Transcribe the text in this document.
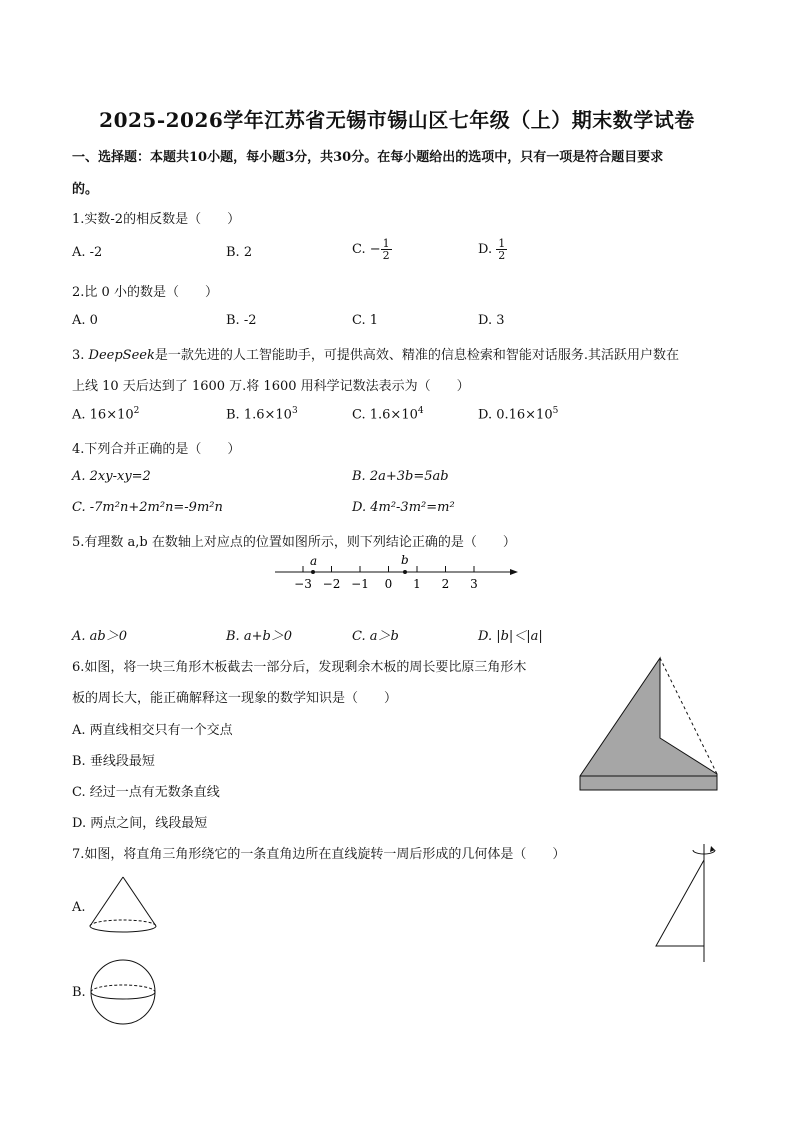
2025-2026学年江苏省无锡市锡山区七年级（上）期末数学试卷
一、选择题：本题共10小题，每小题3分，共30分。在每小题给出的选项中，只有一项是符合题目要求
的。
1.实数-2的相反数是（　　）
A. -2	B. 2	C. − $\frac{1}{2}$	D. $\frac{1}{2}$
2.比 0 小的数是（　　）
A. 0	B. -2	C. 1	D. 3
3. DeepSeek是一款先进的人工智能助手，可提供高效、精准的信息检索和智能对话服务.其活跃用户数在
上线 10 天后达到了 1600 万.将 1600 用科学记数法表示为（　　）
A. $16\times 10^2$	B. $1.6\times 10^3$	C. $1.6\times 10^4$	D. $0.16\times 10^5$
4.下列合并正确的是（　　）
A. 2xy-xy=2	B. 2a+3b=5ab
C. -7m²n+2m²n=-9m²n	D. 4m²-3m²=m²
5.有理数 a,b 在数轴上对应点的位置如图所示，则下列结论正确的是（　　）
−3 −2 −1 0 1 2 3
a	b
A. ab＞0	B. a+b＞0	C. a＞b	D. |b|＜|a|
6.如图，将一块三角形木板截去一部分后，发现剩余木板的周长要比原三角形木
板的周长大，能正确解释这一现象的数学知识是（　　）
A. 两直线相交只有一个交点
B. 垂线段最短
C. 经过一点有无数条直线
D. 两点之间，线段最短
7.如图，将直角三角形绕它的一条直角边所在直线旋转一周后形成的几何体是（　　）
A.
B.
